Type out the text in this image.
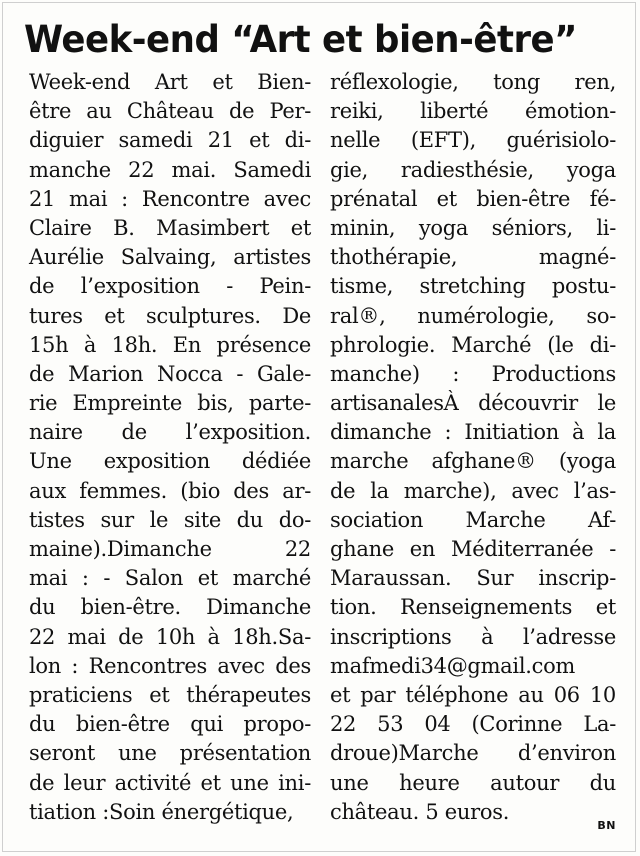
Week-end “Art et bien-être”
Week-end Art et Bien-
être au Château de Per-
diguier samedi 21 et di-
manche 22 mai. Samedi
21 mai : Rencontre avec
Claire B. Masimbert et
Aurélie Salvaing, artistes
de l’exposition - Pein-
tures et sculptures. De
15h à 18h. En présence
de Marion Nocca - Gale-
rie Empreinte bis, parte-
naire de l’exposition.
Une exposition dédiée
aux femmes. (bio des ar-
tistes sur le site du do-
maine).Dimanche 22
mai : - Salon et marché
du bien-être. Dimanche
22 mai de 10h à 18h.Sa-
lon : Rencontres avec des
praticiens et thérapeutes
du bien-être qui propo-
seront une présentation
de leur activité et une ini-
tiation :Soin énergétique,
réflexologie, tong ren,
reiki, liberté émotion-
nelle (EFT), guérisiolo-
gie, radiesthésie, yoga
prénatal et bien-être fé-
minin, yoga séniors, li-
thothérapie, magné-
tisme, stretching postu-
ral®, numérologie, so-
phrologie. Marché (le di-
manche) : Productions
artisanalesÀ découvrir le
dimanche : Initiation à la
marche afghane® (yoga
de la marche), avec l’as-
sociation Marche Af-
ghane en Méditerranée -
Maraussan. Sur inscrip-
tion. Renseignements et
inscriptions à l’adresse
mafmedi34@gmail.com
et par téléphone au 06 10
22 53 04 (Corinne La-
droue)Marche d’environ
une heure autour du
château. 5 euros.
BN
